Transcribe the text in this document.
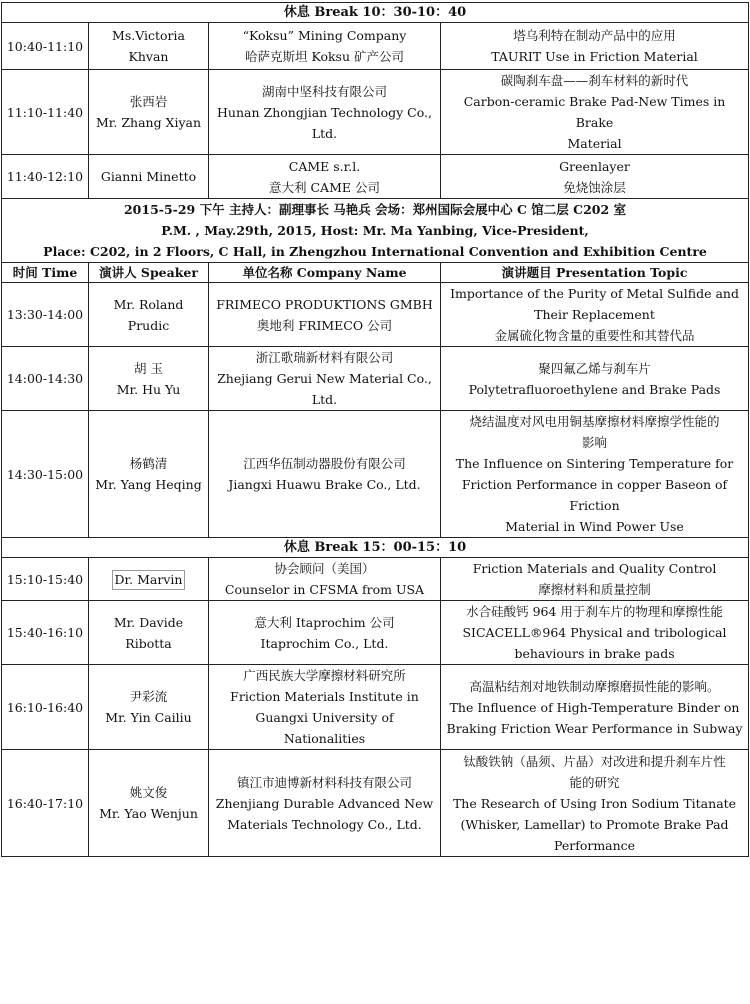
休息 Break 10：30-10：40			
10:40-11:10	Ms.Victoria
Khvan	“Koksu” Mining Company
哈萨克斯坦 Koksu 矿产公司	塔乌利特在制动产品中的应用
TAURIT Use in Friction Material

11:10-11:40	张西岩
Mr. Zhang Xiyan	湖南中坚科技有限公司
Hunan Zhongjian Technology Co.,
Ltd.	碳陶刹车盘——刹车材料的新时代
Carbon-ceramic Brake Pad-New Times in Brake
Material

11:40-12:10	Gianni Minetto	CAME s.r.l.
意大利 CAME 公司	Greenlayer
免烧蚀涂层

2015-5-29 下午 主持人：副理事长 马艳兵 会场：郑州国际会展中心 C 馆二层 C202 室			
P.M. , May.29th, 2015, Host: Mr. Ma Yanbing, Vice-President,			
Place: C202, in 2 Floors, C Hall, in Zhengzhou International Convention and Exhibition Centre			
时间 Time	演讲人 Speaker	单位名称 Company Name	演讲题目 Presentation Topic
13:30-14:00	Mr. Roland
Prudic	FRIMECO PRODUKTIONS GMBH
奥地利 FRIMECO 公司	Importance of the Purity of Metal Sulfide and
Their Replacement
金属硫化物含量的重要性和其替代品

14:00-14:30	胡 玉
Mr. Hu Yu	浙江歌瑞新材料有限公司
Zhejiang Gerui New Material Co.,
Ltd.	聚四氟乙烯与刹车片
Polytetrafluoroethylene and Brake Pads

14:30-15:00	杨鹤清
Mr. Yang Heqing	江西华伍制动器股份有限公司
Jiangxi Huawu Brake Co., Ltd.	烧结温度对风电用铜基摩擦材料摩擦学性能的
影响
The Influence on Sintering Temperature for
Friction Performance in copper Baseon of Friction
Material in Wind Power Use

休息 Break 15：00-15：10			
15:10-15:40	Dr. Marvin	协会顾问（美国）
Counselor in CFSMA from USA	Friction Materials and Quality Control
摩擦材料和质量控制

15:40-16:10	Mr. Davide
Ribotta	意大利 Itaprochim 公司
Itaprochim Co., Ltd.	水合硅酸钙 964 用于刹车片的物理和摩擦性能
SICACELL®964 Physical and tribological
behaviours in brake pads

16:10-16:40	尹彩流
Mr. Yin Cailiu	广西民族大学摩擦材料研究所
Friction Materials Institute in
Guangxi University of Nationalities	高温粘结剂对地铁制动摩擦磨损性能的影响。
The Influence of High-Temperature Binder on
Braking Friction Wear Performance in Subway

16:40-17:10	姚文俊
Mr. Yao Wenjun	镇江市迪博新材料科技有限公司
Zhenjiang Durable Advanced New
Materials Technology Co., Ltd.	钛酸铁钠（晶须、片晶）对改进和提升刹车片性
能的研究
The Research of Using Iron Sodium Titanate
(Whisker, Lamellar) to Promote Brake Pad
Performance
